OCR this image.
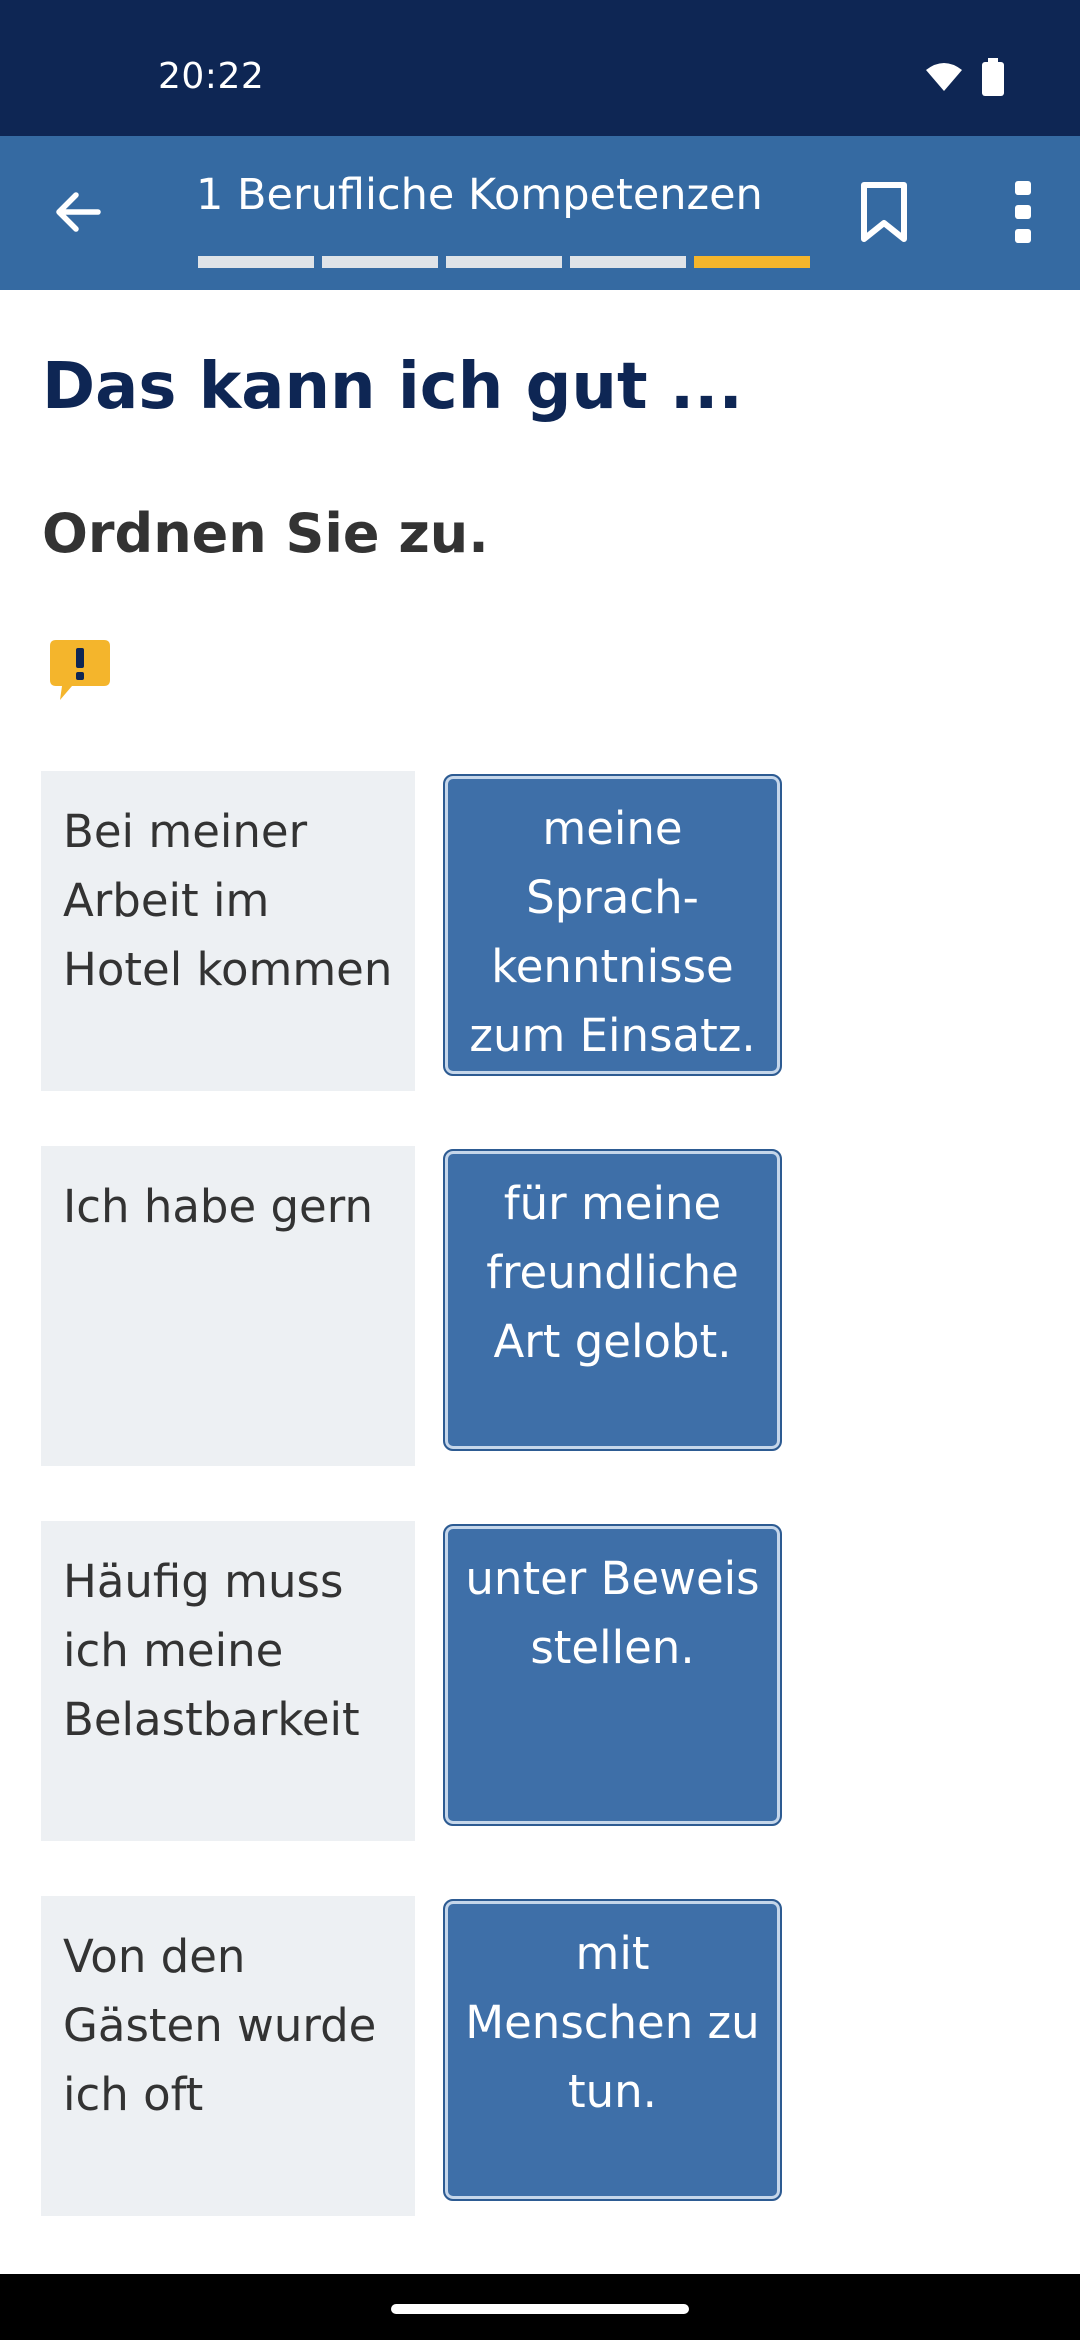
20:22
1 Berufliche Kompetenzen
Das kann ich gut ...
Ordnen Sie zu.
Bei meiner Arbeit im Hotel kommen
meine Sprach-kenntnisse zum Einsatz.
Ich habe gern	für meine freundliche Art gelobt.
Häufig muss ich meine Belastbarkeit
unter Beweis stellen.
Von den Gästen wurde ich oft
mit Menschen zu tun.
